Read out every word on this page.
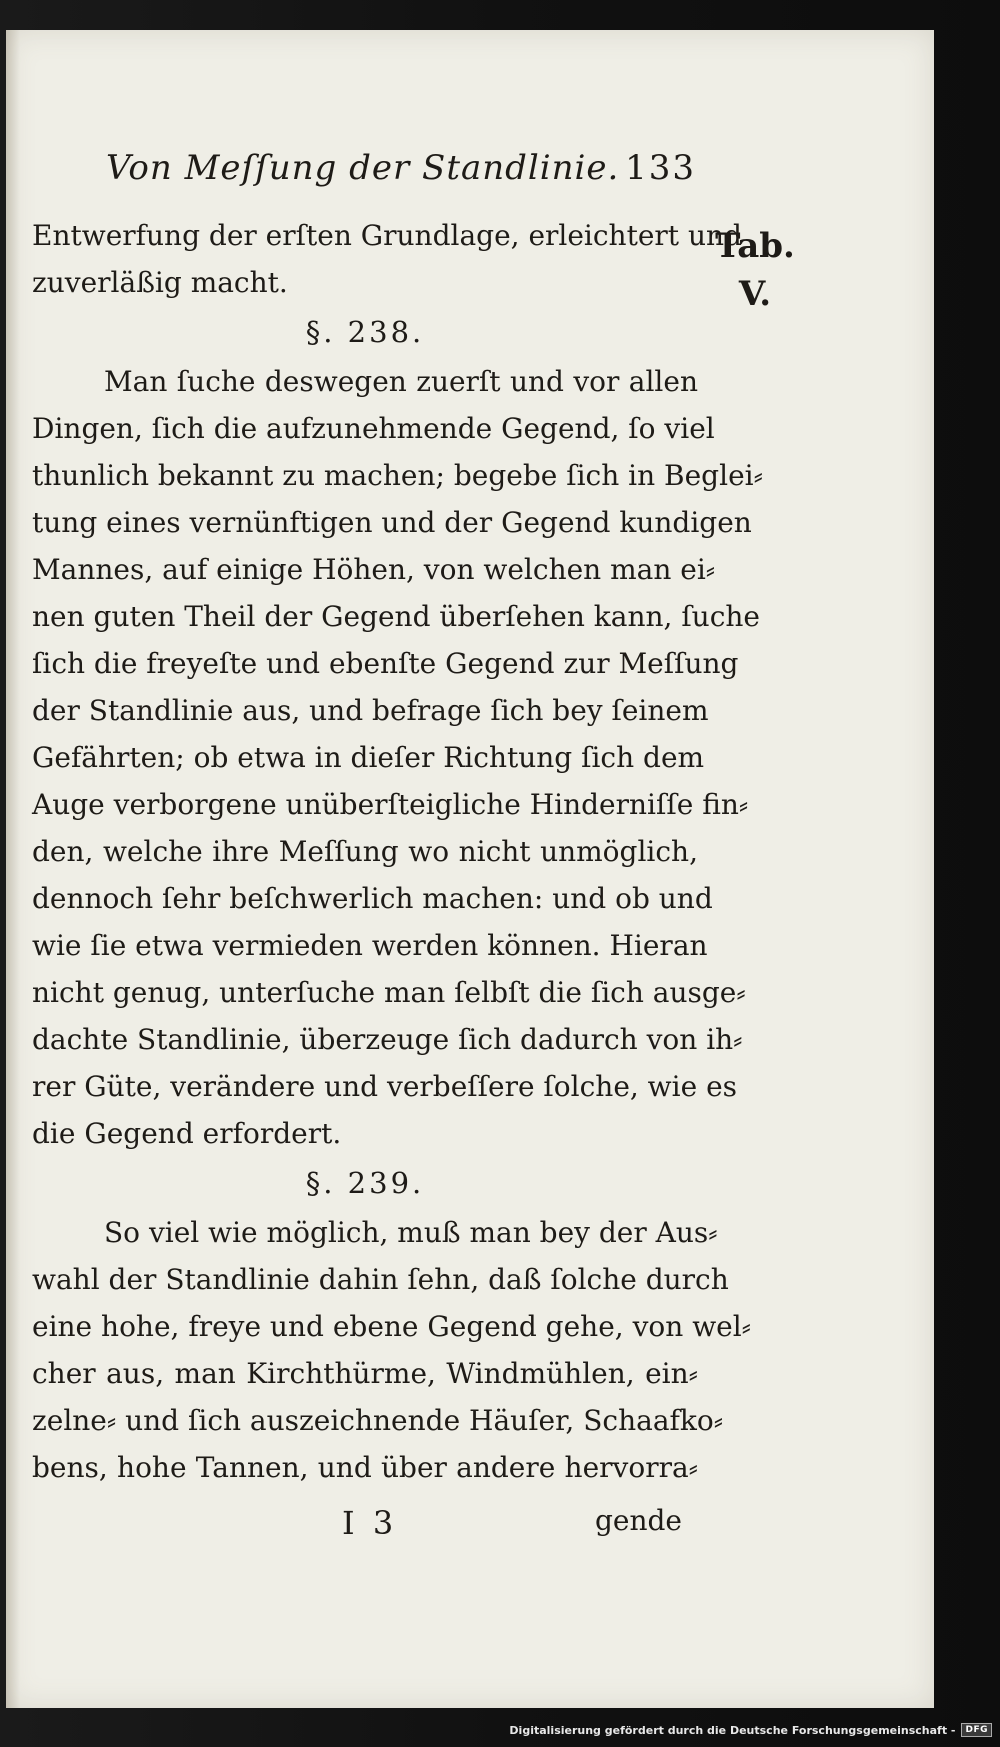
Von Meſſung der Standlinie. 133
Tab.
V.
Entwerfung der erſten Grundlage, erleichtert und
zuverläßig macht.
§. 238.
Man ſuche deswegen zuerſt und vor allen
Dingen, ſich die aufzunehmende Gegend, ſo viel
thunlich bekannt zu machen; begebe ſich in Beglei⸗
tung eines vernünftigen und der Gegend kundigen
Mannes, auf einige Höhen, von welchen man ei⸗
nen guten Theil der Gegend überſehen kann, ſuche
ſich die freyeſte und ebenſte Gegend zur Meſſung
der Standlinie aus, und befrage ſich bey ſeinem
Gefährten; ob etwa in dieſer Richtung ſich dem
Auge verborgene unüberſteigliche Hinderniſſe fin⸗
den, welche ihre Meſſung wo nicht unmöglich,
dennoch ſehr beſchwerlich machen: und ob und
wie ſie etwa vermieden werden können. Hieran
nicht genug, unterſuche man ſelbſt die ſich ausge⸗
dachte Standlinie, überzeuge ſich dadurch von ih⸗
rer Güte, verändere und verbeſſere ſolche, wie es
die Gegend erfordert.
§. 239.
So viel wie möglich, muß man bey der Aus⸗
wahl der Standlinie dahin ſehn, daß ſolche durch
eine hohe, freye und ebene Gegend gehe, von wel⸗
cher aus, man Kirchthürme, Windmühlen, ein⸗
zelne⸗ und ſich auszeichnende Häuſer, Schaafko⸗
bens, hohe Tannen, und über andere hervorra⸗
I 3	gende
Digitalisierung gefördert durch die Deutsche Forschungsgemeinschaft -	DFG
